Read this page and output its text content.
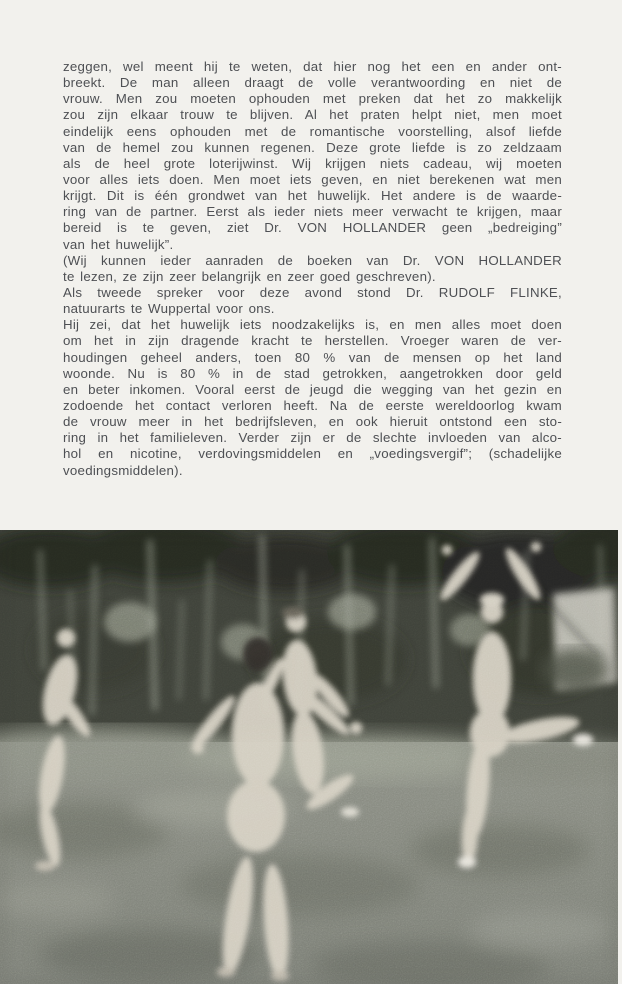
zeggen, wel meent hij te weten, dat hier nog het een en ander ont-
breekt. De man alleen draagt de volle verantwoording en niet de
vrouw. Men zou moeten ophouden met preken dat het zo makkelijk
zou zijn elkaar trouw te blijven. Al het praten helpt niet, men moet
eindelijk eens ophouden met de romantische voorstelling, alsof liefde
van de hemel zou kunnen regenen. Deze grote liefde is zo zeldzaam
als de heel grote loterijwinst. Wij krijgen niets cadeau, wij moeten
voor alles iets doen. Men moet iets geven, en niet berekenen wat men
krijgt. Dit is één grondwet van het huwelijk. Het andere is de waarde-
ring van de partner. Eerst als ieder niets meer verwacht te krijgen, maar
bereid is te geven, ziet Dr. VON HOLLANDER geen „bedreiging”
van het huwelijk”.
(Wij kunnen ieder aanraden de boeken van Dr. VON HOLLANDER
te lezen, ze zijn zeer belangrijk en zeer goed geschreven).
Als tweede spreker voor deze avond stond Dr. RUDOLF FLINKE,
natuurarts te Wuppertal voor ons.
Hij zei, dat het huwelijk iets noodzakelijks is, en men alles moet doen
om het in zijn dragende kracht te herstellen. Vroeger waren de ver-
houdingen geheel anders, toen 80 % van de mensen op het land
woonde. Nu is 80 % in de stad getrokken, aangetrokken door geld
en beter inkomen. Vooral eerst de jeugd die wegging van het gezin en
zodoende het contact verloren heeft. Na de eerste wereldoorlog kwam
de vrouw meer in het bedrijfsleven, en ook hieruit ontstond een sto-
ring in het familieleven. Verder zijn er de slechte invloeden van alco-
hol en nicotine, verdovingsmiddelen en „voedingsvergif”; (schadelijke
voedingsmiddelen).
